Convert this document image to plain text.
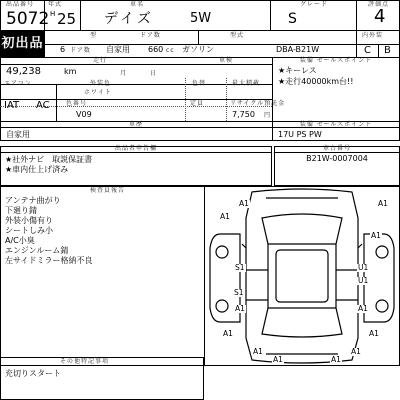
出品番号 年式	車名	グレード	評価点
5072 H 25 デイズ	5W	S	4
初出品
型	ドア数	型式	内外装
6 ドア数 自家用 660 cc ガソリン	DBA-B21W	C B
走行	車検	装備 セールスポイント
49,238	km	月	日
エアコン	外装色	色替	最大積載
ホワイト
IAT AC	色番号	定員	リサイクル預託金
V09	7,750 円
車歴	装備 セールスポイント
自家用	17U PS PW
★キーレス
★走行40000km台!!
出品者申告欄
★社外ナビ　取説保証書
★車内仕上げ済み
車台番号
B21W-0007004
検査員報告
アンテナ曲がり
下廻り錆
外装小傷有り
シートしみ小
A/C小臭
エンジンルーム錆
左サイドミラー格納不良
A1	A1
A1
A1
S1	U1
U1
S1
A1	A1
A1	A1
A1
A1	A1
A1
その他特記事項
充切りスタート
